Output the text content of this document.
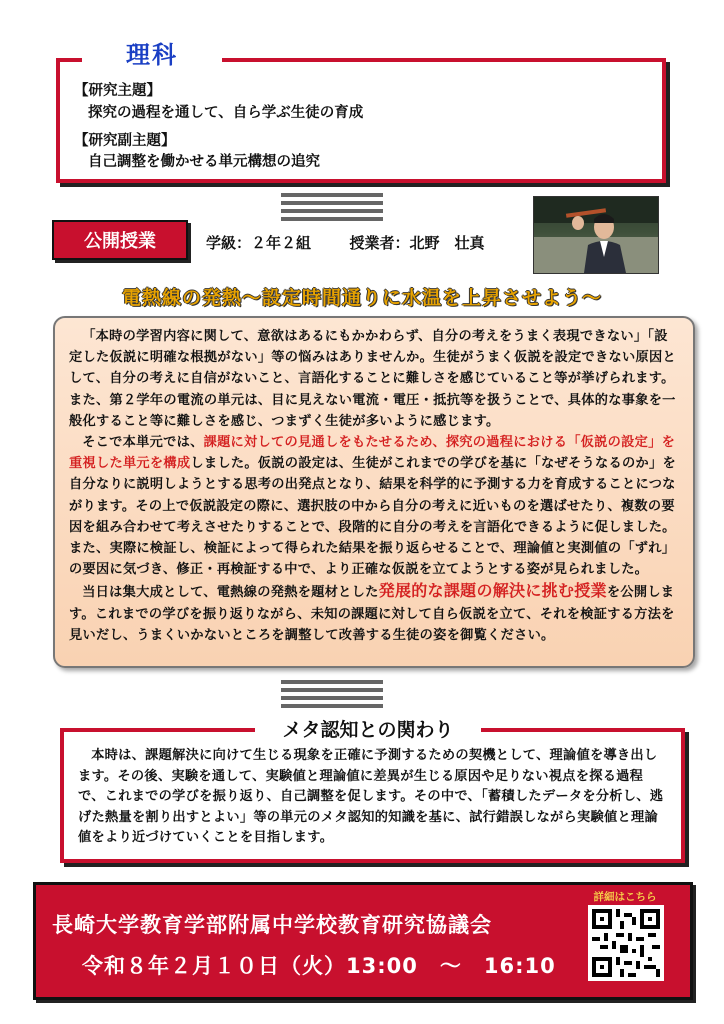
理科
【研究主題】
探究の過程を通して、自ら学ぶ生徒の育成
【研究副主題】
自己調整を働かせる単元構想の追究
公開授業	学級：２年２組	授業者：北野　壮真
電熱線の発熱～設定時間通りに水温を上昇させよう～

「本時の学習内容に関して、意欲はあるにもかかわらず、自分の考えをうまく表現できない」「設定した仮説に明確な根拠がない」等の悩みはありませんか。生徒がうまく仮説を設定できない原因として、自分の考えに自信がないこと、言語化することに難しさを感じていること等が挙げられます。また、第２学年の電流の単元は、目に見えない電流・電圧・抵抗等を扱うことで、具体的な事象を一般化すること等に難しさを感じ、つまずく生徒が多いように感じます。

そこで本単元では、課題に対しての見通しをもたせるため、探究の過程における「仮説の設定」を重視した単元を構成しました。仮説の設定は、生徒がこれまでの学びを基に「なぜそうなるのか」を自分なりに説明しようとする思考の出発点となり、結果を科学的に予測する力を育成することにつながります。その上で仮説設定の際に、選択肢の中から自分の考えに近いものを選ばせたり、複数の要因を組み合わせて考えさせたりすることで、段階的に自分の考えを言語化できるように促しました。また、実際に検証し、検証によって得られた結果を振り返らせることで、理論値と実測値の「ずれ」の要因に気づき、修正・再検証する中で、より正確な仮説を立てようとする姿が見られました。

当日は集大成として、電熱線の発熱を題材とした発展的な課題の解決に挑む授業を公開します。これまでの学びを振り返りながら、未知の課題に対して自ら仮説を立て、それを検証する方法を見いだし、うまくいかないところを調整して改善する生徒の姿を御覧ください。

本時は、課題解決に向けて生じる現象を正確に予測するための契機として、理論値を導き出します。その後、実験を通して、実験値と理論値に差異が生じる原因や足りない視点を探る過程で、これまでの学びを振り返り、自己調整を促します。その中で、「蓄積したデータを分析し、逃げた熱量を割り出すとよい」等の単元のメタ認知的知識を基に、試行錯誤しながら実験値と理論値をより近づけていくことを目指します。

メタ認知との関わり
長崎大学教育学部附属中学校教育研究協議会
令和８年２月１０日（火）13:00　～　16:10
詳細はこちら
